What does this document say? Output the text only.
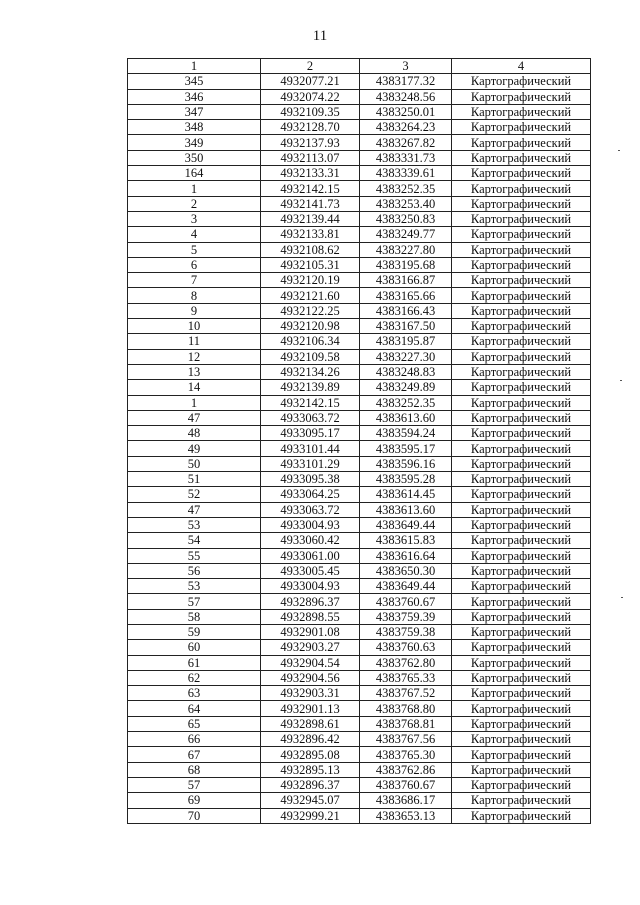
11
1	2	3	4
345	4932077.21	4383177.32	Картографический
346	4932074.22	4383248.56	Картографический
347	4932109.35	4383250.01	Картографический
348	4932128.70	4383264.23	Картографический
349	4932137.93	4383267.82	Картографический
350	4932113.07	4383331.73	Картографический
164	4932133.31	4383339.61	Картографический
1	4932142.15	4383252.35	Картографический
2	4932141.73	4383253.40	Картографический
3	4932139.44	4383250.83	Картографический
4	4932133.81	4383249.77	Картографический
5	4932108.62	4383227.80	Картографический
6	4932105.31	4383195.68	Картографический
7	4932120.19	4383166.87	Картографический
8	4932121.60	4383165.66	Картографический
9	4932122.25	4383166.43	Картографический
10	4932120.98	4383167.50	Картографический
11	4932106.34	4383195.87	Картографический
12	4932109.58	4383227.30	Картографический
13	4932134.26	4383248.83	Картографический
14	4932139.89	4383249.89	Картографический
1	4932142.15	4383252.35	Картографический
47	4933063.72	4383613.60	Картографический
48	4933095.17	4383594.24	Картографический
49	4933101.44	4383595.17	Картографический
50	4933101.29	4383596.16	Картографический
51	4933095.38	4383595.28	Картографический
52	4933064.25	4383614.45	Картографический
47	4933063.72	4383613.60	Картографический
53	4933004.93	4383649.44	Картографический
54	4933060.42	4383615.83	Картографический
55	4933061.00	4383616.64	Картографический
56	4933005.45	4383650.30	Картографический
53	4933004.93	4383649.44	Картографический
57	4932896.37	4383760.67	Картографический
58	4932898.55	4383759.39	Картографический
59	4932901.08	4383759.38	Картографический
60	4932903.27	4383760.63	Картографический
61	4932904.54	4383762.80	Картографический
62	4932904.56	4383765.33	Картографический
63	4932903.31	4383767.52	Картографический
64	4932901.13	4383768.80	Картографический
65	4932898.61	4383768.81	Картографический
66	4932896.42	4383767.56	Картографический
67	4932895.08	4383765.30	Картографический
68	4932895.13	4383762.86	Картографический
57	4932896.37	4383760.67	Картографический
69	4932945.07	4383686.17	Картографический
70	4932999.21	4383653.13	Картографический
